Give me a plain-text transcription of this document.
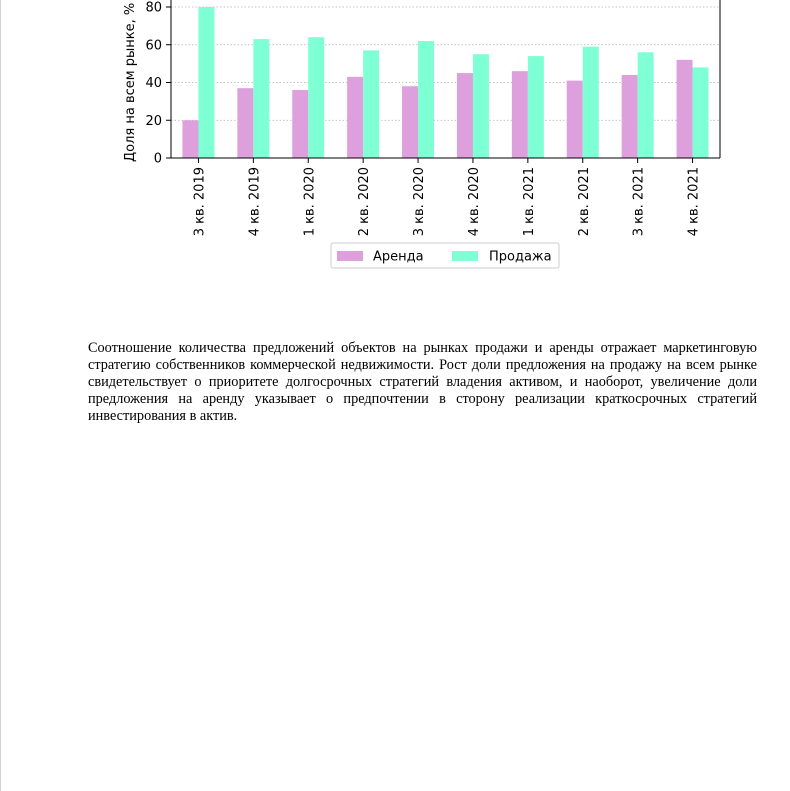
0
20
40
60
80
3 кв. 2019	4 кв. 2019	1 кв. 2020	2 кв. 2020	3 кв. 2020	4 кв. 2020	1 кв. 2021	2 кв. 2021	3 кв. 2021	4 кв. 2021
Доля на всем рынке, %
Аренда	Продажа

Соотношение количества предложений объектов на рынках продажи и аренды отражает маркетинговую стратегию собственников коммерческой недвижимости. Рост доли предложения на продажу на всем рынке свидетельствует о приоритете долгосрочных стратегий владения активом, и наоборот, увеличение доли предложения на аренду указывает о предпочтении в сторону реализации краткосрочных стратегий инвестирования в актив.
